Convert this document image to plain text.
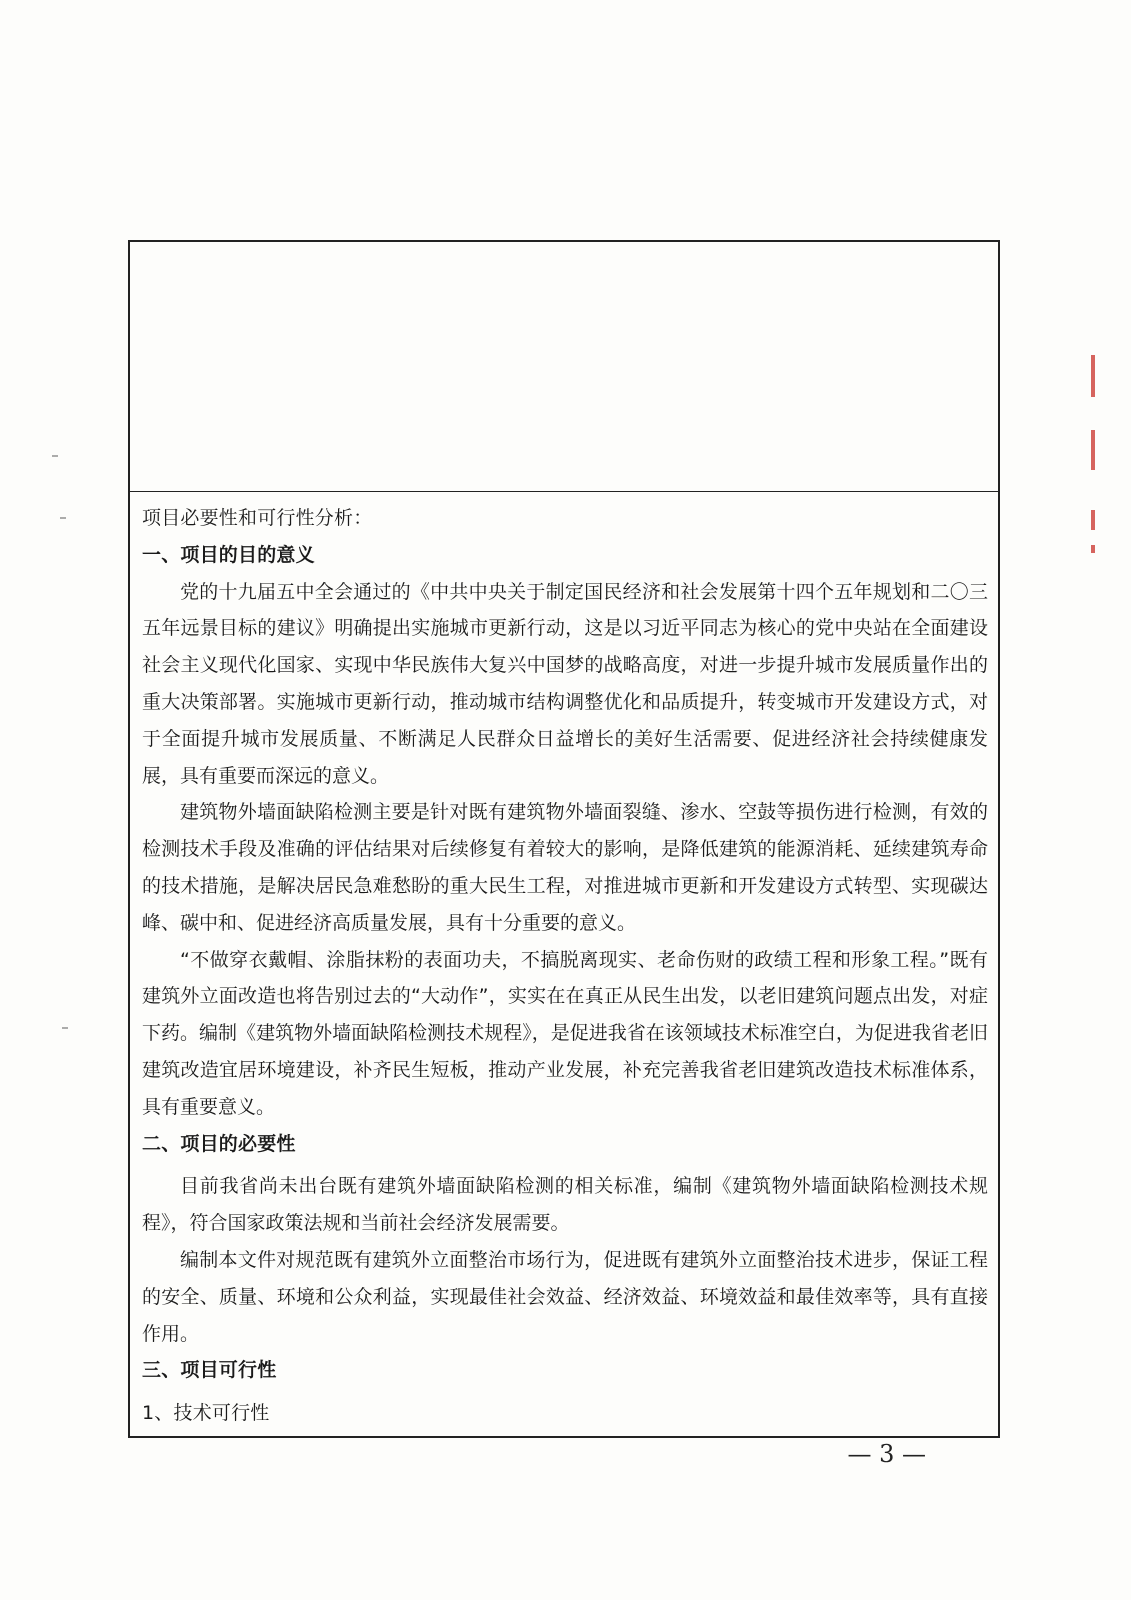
项目必要性和可行性分析：
一、项目的目的意义

党的十九届五中全会通过的《中共中央关于制定国民经济和社会发展第十四个五年规划和二〇三五年远景目标的建议》明确提出实施城市更新行动，这是以习近平同志为核心的党中央站在全面建设社会主义现代化国家、实现中华民族伟大复兴中国梦的战略高度，对进一步提升城市发展质量作出的重大决策部署。实施城市更新行动，推动城市结构调整优化和品质提升，转变城市开发建设方式，对于全面提升城市发展质量、不断满足人民群众日益增长的美好生活需要、促进经济社会持续健康发展，具有重要而深远的意义。

建筑物外墙面缺陷检测主要是针对既有建筑物外墙面裂缝、渗水、空鼓等损伤进行检测，有效的检测技术手段及准确的评估结果对后续修复有着较大的影响，是降低建筑的能源消耗、延续建筑寿命的技术措施，是解决居民急难愁盼的重大民生工程，对推进城市更新和开发建设方式转型、实现碳达峰、碳中和、促进经济高质量发展，具有十分重要的意义。

“不做穿衣戴帽、涂脂抹粉的表面功夫，不搞脱离现实、老命伤财的政绩工程和形象工程。”既有建筑外立面改造也将告别过去的“大动作”，实实在在真正从民生出发，以老旧建筑问题点出发，对症下药。编制《建筑物外墙面缺陷检测技术规程》，是促进我省在该领域技术标准空白，为促进我省老旧建筑改造宜居环境建设，补齐民生短板，推动产业发展，补充完善我省老旧建筑改造技术标准体系，具有重要意义。

二、项目的必要性

目前我省尚未出台既有建筑外墙面缺陷检测的相关标准，编制《建筑物外墙面缺陷检测技术规程》，符合国家政策法规和当前社会经济发展需要。

编制本文件对规范既有建筑外立面整治市场行为，促进既有建筑外立面整治技术进步，保证工程的安全、质量、环境和公众利益，实现最佳社会效益、经济效益、环境效益和最佳效率等，具有直接作用。

三、项目可行性
1、技术可行性
— 3 —
